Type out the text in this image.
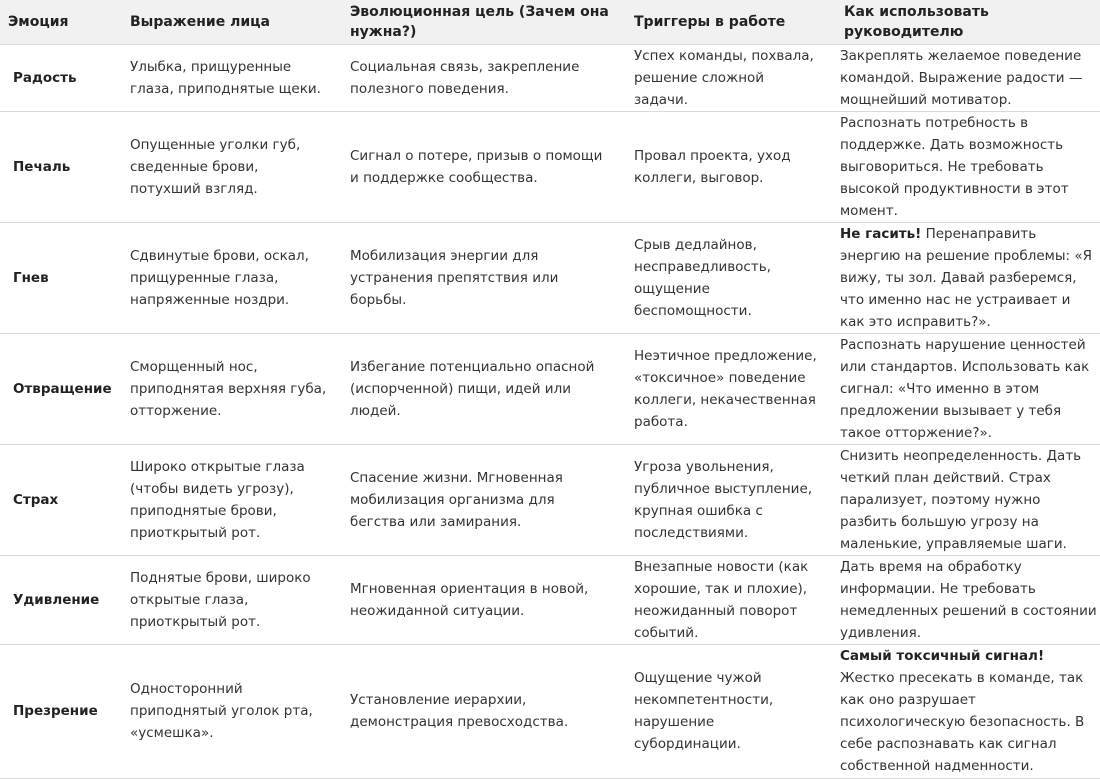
Эмоция	Выражение лица	Эволюционная цель (Зачем она нужна?)	Триггеры в работе	Как использовать руководителю
Радость	Улыбка, прищуренные глаза, приподнятые щеки.	Социальная связь, закрепление полезного поведения.	Успех команды, похвала, решение сложной задачи.	Закреплять желаемое поведение командой. Выражение радости — мощнейший мотиватор.
Печаль	Опущенные уголки губ, сведенные брови, потухший взгляд.	Сигнал о потере, призыв о помощи и поддержке сообщества.	Провал проекта, уход коллеги, выговор.	Распознать потребность в поддержке. Дать возможность выговориться. Не требовать высокой продуктивности в этот момент.
Гнев	Сдвинутые брови, оскал, прищуренные глаза, напряженные ноздри.	Мобилизация энергии для устранения препятствия или борьбы.	Срыв дедлайнов, несправедливость, ощущение беспомощности.	Не гасить! Перенаправить энергию на решение проблемы: «Я вижу, ты зол. Давай разберемся, что именно нас не устраивает и как это исправить?».
Отвращение	Сморщенный нос, приподнятая верхняя губа, отторжение.	Избегание потенциально опасной (испорченной) пищи, идей или людей.	Неэтичное предложение, «токсичное» поведение коллеги, некачественная работа.	Распознать нарушение ценностей или стандартов. Использовать как сигнал: «Что именно в этом предложении вызывает у тебя такое отторжение?».
Страх	Широко открытые глаза (чтобы видеть угрозу), приподнятые брови, приоткрытый рот.	Спасение жизни. Мгновенная мобилизация организма для бегства или замирания.	Угроза увольнения, публичное выступление, крупная ошибка с последствиями.	Снизить неопределенность. Дать четкий план действий. Страх парализует, поэтому нужно разбить большую угрозу на маленькие, управляемые шаги.
Удивление	Поднятые брови, широко открытые глаза, приоткрытый рот.	Мгновенная ориентация в новой, неожиданной ситуации.	Внезапные новости (как хорошие, так и плохие), неожиданный поворот событий.	Дать время на обработку информации. Не требовать немедленных решений в состоянии удивления.
Презрение	Односторонний приподнятый уголок рта, «усмешка».	Установление иерархии, демонстрация превосходства.	Ощущение чужой некомпетентности, нарушение субординации.	Самый токсичный сигнал! Жестко пресекать в команде, так как оно разрушает психологическую безопасность. В себе распознавать как сигнал собственной надменности.
